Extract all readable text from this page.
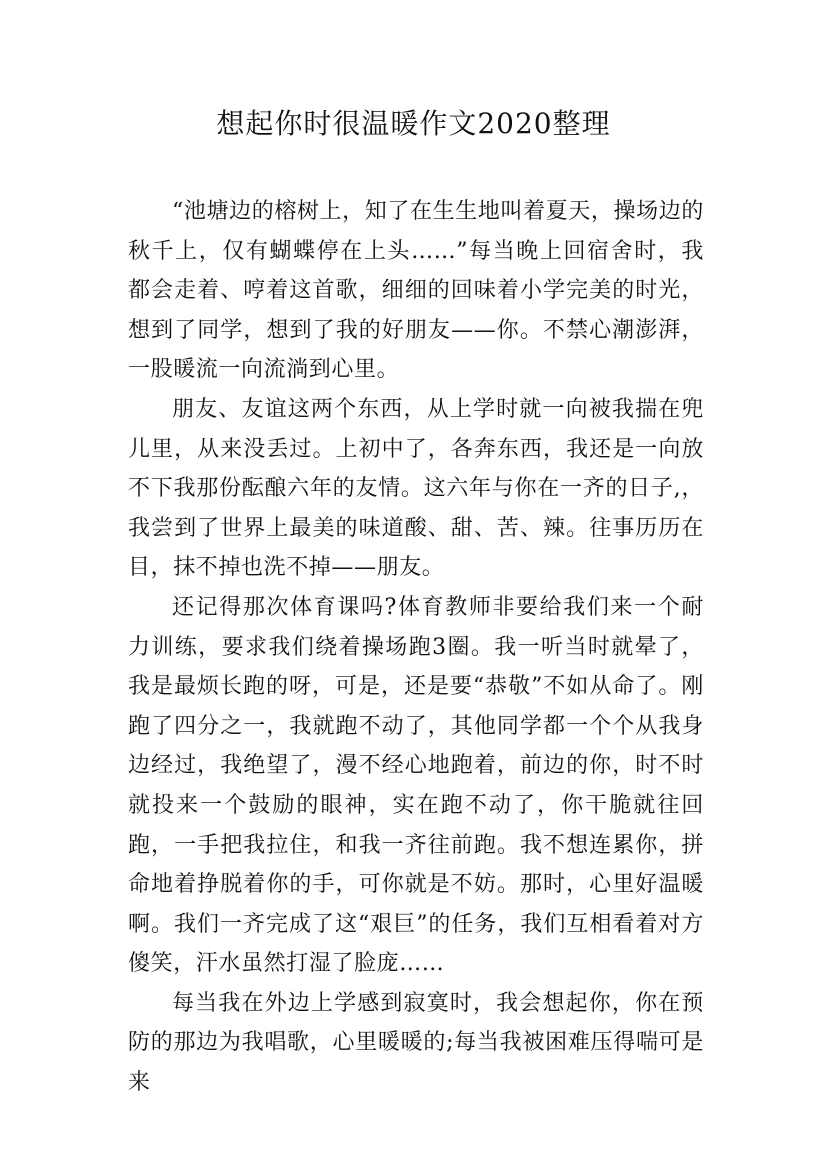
想起你时很温暖作文2020整理

“池塘边的榕树上，知了在生生地叫着夏天，操场边的秋千上，仅有蝴蝶停在上头……”每当晚上回宿舍时，我都会走着、哼着这首歌，细细的回味着小学完美的时光，想到了同学，想到了我的好朋友——你。不禁心潮澎湃，一股暖流一向流淌到心里。

朋友、友谊这两个东西，从上学时就一向被我揣在兜儿里，从来没丢过。上初中了，各奔东西，我还是一向放不下我那份酝酿六年的友情。这六年与你在一齐的日子,，我尝到了世界上最美的味道酸、甜、苦、辣。往事历历在目，抹不掉也洗不掉——朋友。

还记得那次体育课吗?体育教师非要给我们来一个耐力训练，要求我们绕着操场跑3圈。我一听当时就晕了，我是最烦长跑的呀，可是，还是要“恭敬”不如从命了。刚跑了四分之一，我就跑不动了，其他同学都一个个从我身边经过，我绝望了，漫不经心地跑着，前边的你，时不时就投来一个鼓励的眼神，实在跑不动了，你干脆就往回跑，一手把我拉住，和我一齐往前跑。我不想连累你，拼命地着挣脱着你的手，可你就是不妨。那时，心里好温暖啊。我们一齐完成了这“艰巨”的任务，我们互相看着对方傻笑，汗水虽然打湿了脸庞……

每当我在外边上学感到寂寞时，我会想起你，你在预防的那边为我唱歌，心里暖暖的;每当我被困难压得喘可是来
